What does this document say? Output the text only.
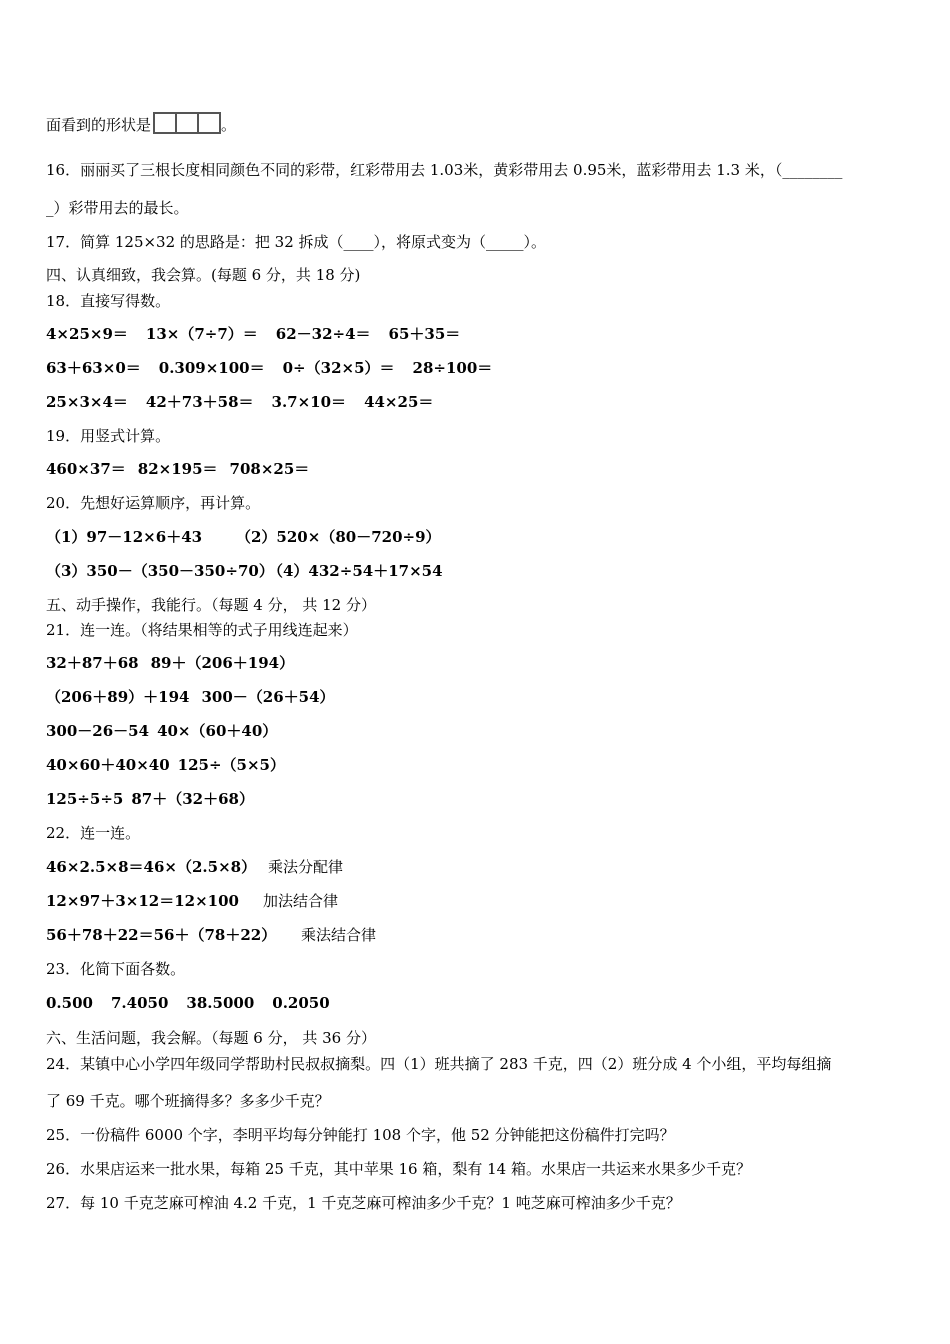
面看到的形状是	。
16．丽丽买了三根长度相同颜色不同的彩带，红彩带用去 1.03米，黄彩带用去 0.95米，蓝彩带用去 1.3 米，（________
_）彩带用去的最长。
17．简算 125×32 的思路是：把 32 拆成（____），将原式变为（_____）。
四、认真细致，我会算。(每题 6 分，共 18 分)
18．直接写得数。
4×25×9＝ 13×（7÷7）＝ 62－32÷4＝ 65＋35＝
63＋63×0＝ 0.309×100＝ 0÷（32×5）＝ 28÷100＝
25×3×4＝ 42＋73＋58＝ 3.7×10＝ 44×25＝
19．用竖式计算。
460×37＝ 82×195＝ 708×25＝
20．先想好运算顺序，再计算。
（1）97－12×6＋43 （2）520×（80－720÷9）
（3）350－（350－350÷70）（4）432÷54＋17×54
五、动手操作，我能行。（每题 4 分， 共 12 分）
21．连一连。（将结果相等的式子用线连起来）
32＋87＋68 89＋（206＋194）
（206＋89）＋194 300－（26＋54）
300－26－54 40×（60＋40）
40×60＋40×40 125÷（5×5）
125÷5÷5 87＋（32＋68）
22．连一连。
46×2.5×8＝46×（2.5×8） 乘法分配律
12×97＋3×12＝12×100 加法结合律
56＋78＋22＝56＋（78＋22） 乘法结合律
23．化简下面各数。
0.500 7.4050 38.5000 0.2050
六、生活问题，我会解。（每题 6 分， 共 36 分）
24．某镇中心小学四年级同学帮助村民叔叔摘梨。四（1）班共摘了 283 千克，四（2）班分成 4 个小组，平均每组摘
了 69 千克。哪个班摘得多？多多少千克？
25．一份稿件 6000 个字，李明平均每分钟能打 108 个字，他 52 分钟能把这份稿件打完吗？
26．水果店运来一批水果，每箱 25 千克，其中苹果 16 箱，梨有 14 箱。水果店一共运来水果多少千克？
27．每 10 千克芝麻可榨油 4.2 千克，1 千克芝麻可榨油多少千克？1 吨芝麻可榨油多少千克？
